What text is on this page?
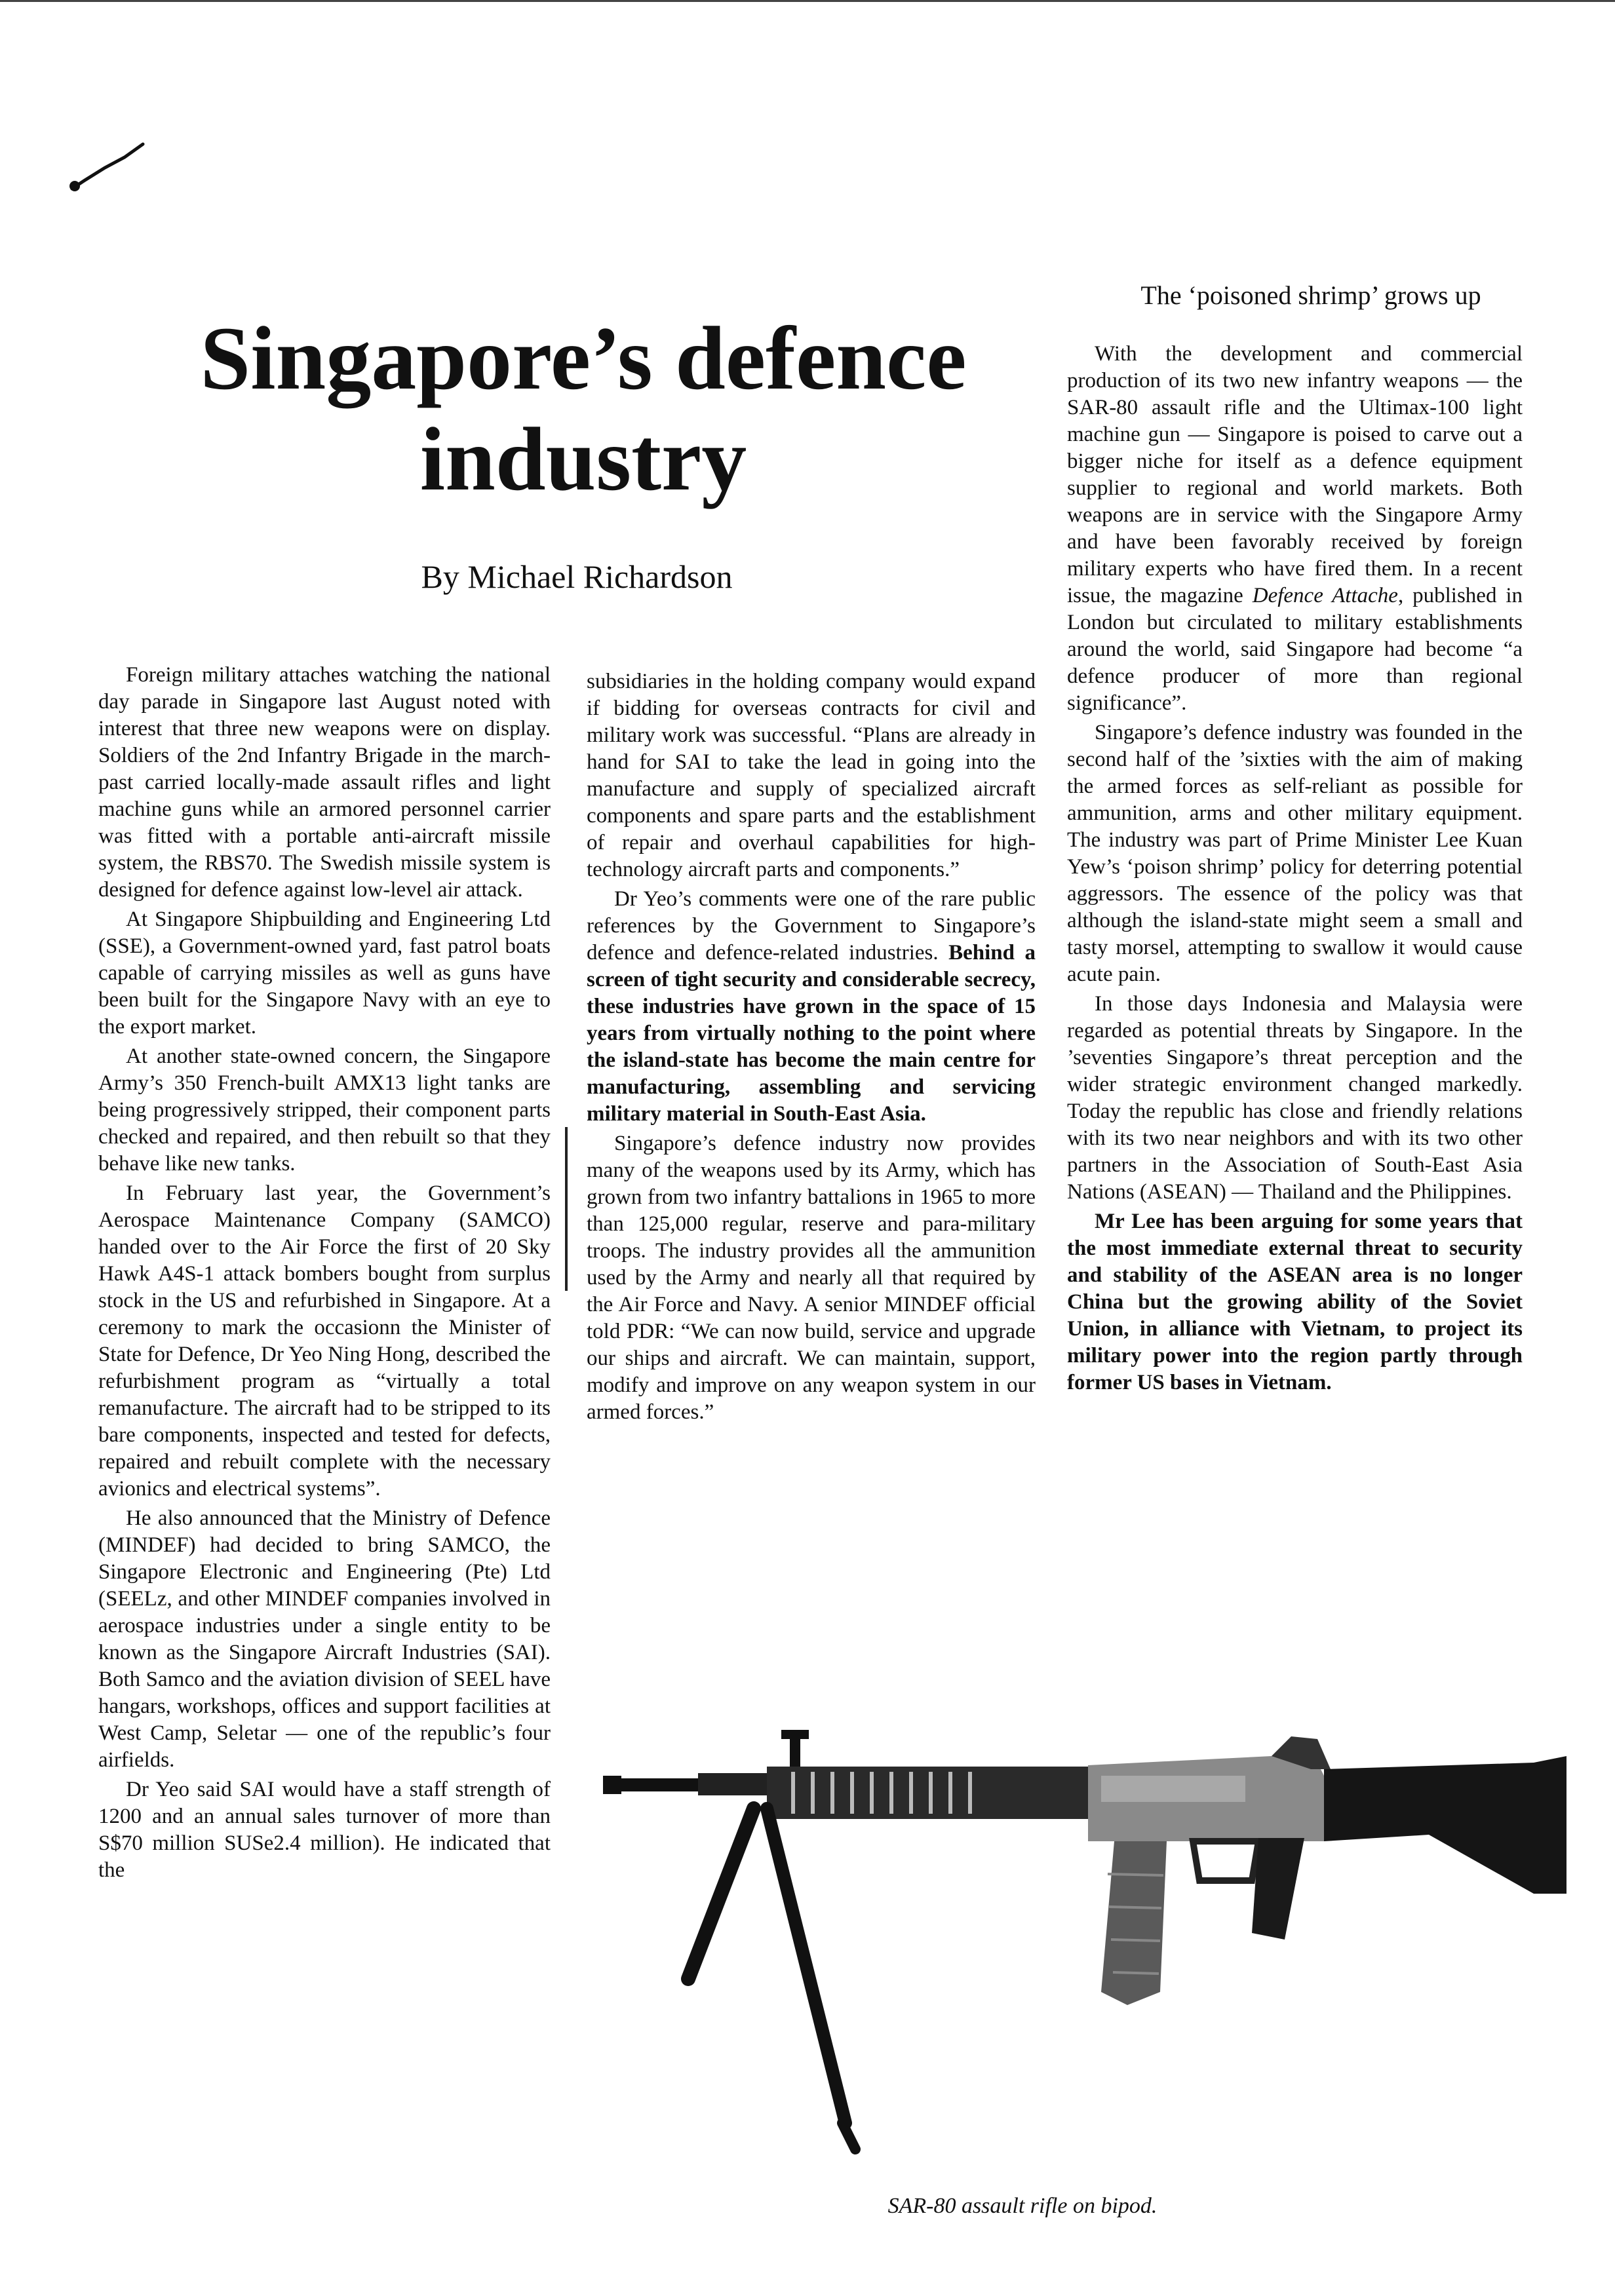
Singapore’s defence industry
By Michael Richardson
The ‘poisoned shrimp’ grows up

Foreign military attaches watching the national day parade in Singapore last August noted with interest that three new weapons were on display. Soldiers of the 2nd Infantry Brigade in the march-past carried locally-made assault rifles and light machine guns while an armored personnel carrier was fitted with a portable anti-aircraft missile system, the RBS70. The Swedish missile system is designed for defence against low-level air attack.

At Singapore Shipbuilding and Engineering Ltd (SSE), a Government-owned yard, fast patrol boats capable of carrying missiles as well as guns have been built for the Singapore Navy with an eye to the export market.

At another state-owned concern, the Singapore Army’s 350 French-built AMX13 light tanks are being progressively stripped, their component parts checked and repaired, and then rebuilt so that they behave like new tanks.

In February last year, the Government’s Aerospace Maintenance Company (SAMCO) handed over to the Air Force the first of 20 Sky Hawk A4S-1 attack bombers bought from surplus stock in the US and refurbished in Singapore. At a ceremony to mark the occasionn the Minister of State for Defence, Dr Yeo Ning Hong, described the refurbishment program as “virtually a total remanufacture. The aircraft had to be stripped to its bare components, inspected and tested for defects, repaired and rebuilt complete with the necessary avionics and electrical systems”.

He also announced that the Ministry of Defence (MINDEF) had decided to bring SAMCO, the Singapore Electronic and Engineering (Pte) Ltd (SEELz, and other MINDEF companies involved in aerospace industries under a single entity to be known as the Singapore Aircraft Industries (SAI). Both Samco and the aviation division of SEEL have hangars, workshops, offices and support facilities at West Camp, Seletar — one of the republic’s four airfields.

Dr Yeo said SAI would have a staff strength of 1200 and an annual sales turnover of more than S$70 million SUSe2.4 million). He indicated that the

subsidiaries in the holding company would expand if bidding for overseas contracts for civil and military work was successful. “Plans are already in hand for SAI to take the lead in going into the manufacture and supply of specialized aircraft components and spare parts and the establishment of repair and overhaul capabilities for high-technology aircraft parts and components.”

Dr Yeo’s comments were one of the rare public references by the Government to Singapore’s defence and defence-related industries. Behind a screen of tight security and considerable secrecy, these industries have grown in the space of 15 years from virtually nothing to the point where the island-state has become the main centre for manufacturing, assembling and servicing military material in South-East Asia.

Singapore’s defence industry now provides many of the weapons used by its Army, which has grown from two infantry battalions in 1965 to more than 125,000 regular, reserve and para-military troops. The industry provides all the ammunition used by the Army and nearly all that required by the Air Force and Navy. A senior MINDEF official told PDR: “We can now build, service and upgrade our ships and aircraft. We can maintain, support, modify and improve on any weapon system in our armed forces.”

With the development and commercial production of its two new infantry weapons — the SAR-80 assault rifle and the Ultimax-100 light machine gun — Singapore is poised to carve out a bigger niche for itself as a defence equipment supplier to regional and world markets. Both weapons are in service with the Singapore Army and have been favorably received by foreign military experts who have fired them. In a recent issue, the magazine Defence Attache, published in London but circulated to military establishments around the world, said Singapore had become “a defence producer of more than regional significance”.

Singapore’s defence industry was founded in the second half of the ’sixties with the aim of making the armed forces as self-reliant as possible for ammunition, arms and other military equipment. The industry was part of Prime Minister Lee Kuan Yew’s ‘poison shrimp’ policy for deterring potential aggressors. The essence of the policy was that although the island-state might seem a small and tasty morsel, attempting to swallow it would cause acute pain.

In those days Indonesia and Malaysia were regarded as potential threats by Singapore. In the ’seventies Singapore’s threat perception and the wider strategic environment changed markedly. Today the republic has close and friendly relations with its two near neighbors and with its two other partners in the Association of South-East Asia Nations (ASEAN) — Thailand and the Philippines.

Mr Lee has been arguing for some years that the most immediate external threat to security and stability of the ASEAN area is no longer China but the growing ability of the Soviet Union, in alliance with Vietnam, to project its military power into the region partly through former US bases in Vietnam.

SAR-80 assault rifle on bipod.
